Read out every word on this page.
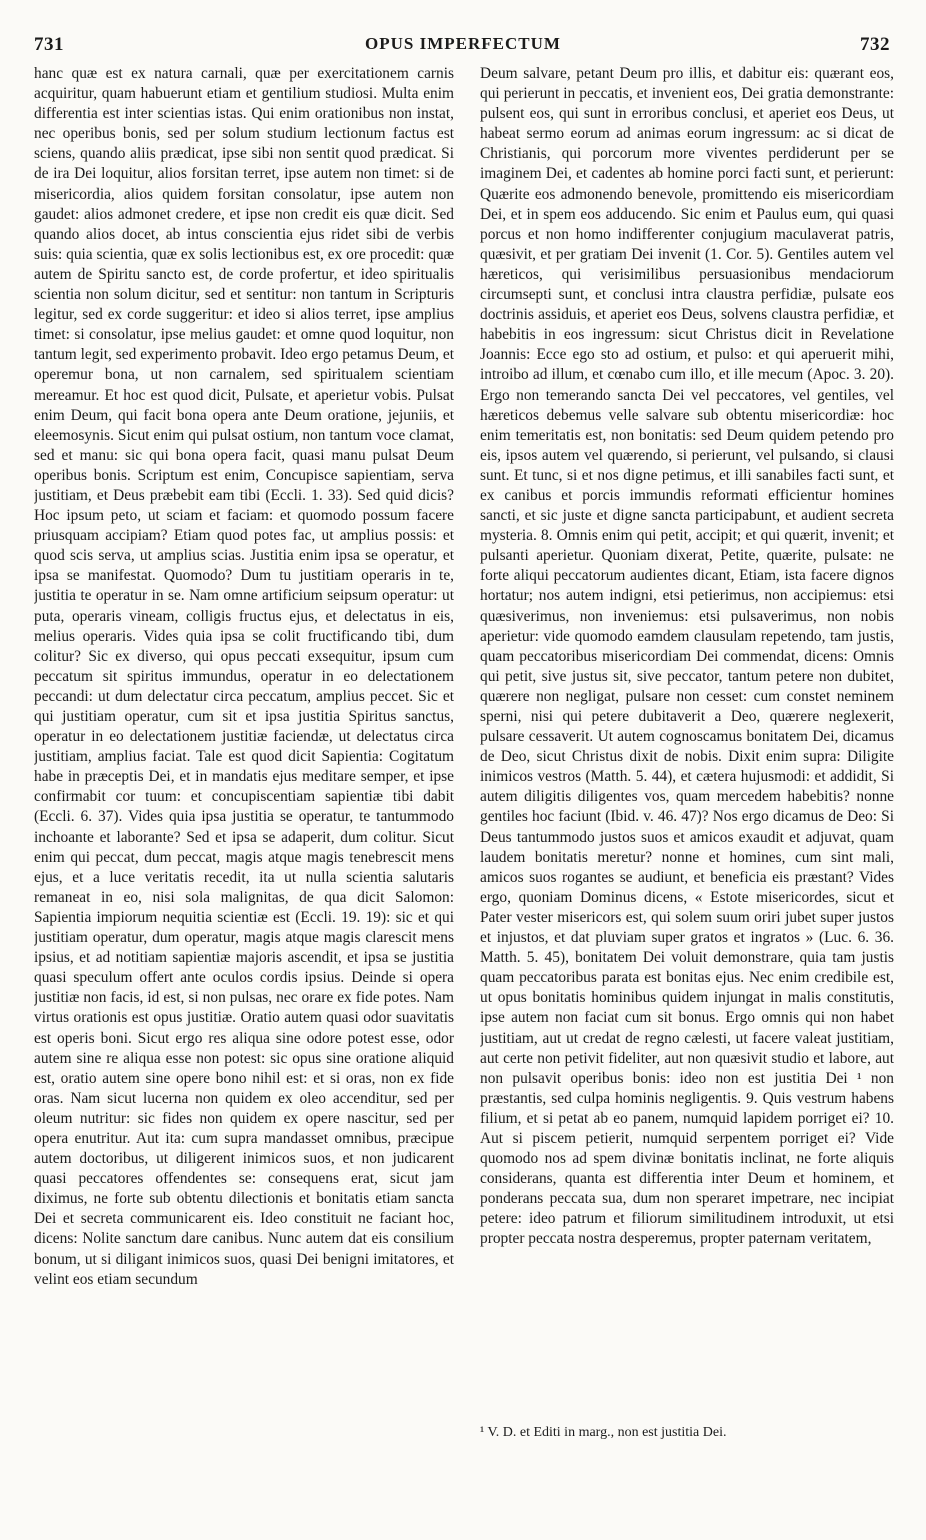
731	OPUS IMPERFECTUM	732

hanc quæ est ex natura carnali, quæ per exercitationem carnis acquiritur, quam habuerunt etiam et gentilium studiosi. Multa enim differentia est inter scientias istas. Qui enim orationibus non instat, nec operibus bonis, sed per solum studium lectionum factus est sciens, quando aliis prædicat, ipse sibi non sentit quod prædicat. Si de ira Dei loquitur, alios forsitan terret, ipse autem non timet: si de misericordia, alios quidem forsitan consolatur, ipse autem non gaudet: alios admonet credere, et ipse non credit eis quæ dicit. Sed quando alios docet, ab intus conscientia ejus ridet sibi de verbis suis: quia scientia, quæ ex solis lectionibus est, ex ore procedit: quæ autem de Spiritu sancto est, de corde profertur, et ideo spiritualis scientia non solum dicitur, sed et sentitur: non tantum in Scripturis legitur, sed ex corde suggeritur: et ideo si alios terret, ipse amplius timet: si consolatur, ipse melius gaudet: et omne quod loquitur, non tantum legit, sed experimento probavit. Ideo ergo petamus Deum, et operemur bona, ut non carnalem, sed spiritualem scientiam mereamur. Et hoc est quod dicit, Pulsate, et aperietur vobis. Pulsat enim Deum, qui facit bona opera ante Deum oratione, jejuniis, et eleemosynis. Sicut enim qui pulsat ostium, non tantum voce clamat, sed et manu: sic qui bona opera facit, quasi manu pulsat Deum operibus bonis. Scriptum est enim, Concupisce sapientiam, serva justitiam, et Deus præbebit eam tibi (Eccli. 1. 33). Sed quid dicis? Hoc ipsum peto, ut sciam et faciam: et quomodo possum facere priusquam accipiam? Etiam quod potes fac, ut amplius possis: et quod scis serva, ut amplius scias. Justitia enim ipsa se operatur, et ipsa se manifestat. Quomodo? Dum tu justitiam operaris in te, justitia te operatur in se. Nam omne artificium seipsum operatur: ut puta, operaris vineam, colligis fructus ejus, et delectatus in eis, melius operaris. Vides quia ipsa se colit fructificando tibi, dum colitur? Sic ex diverso, qui opus peccati exsequitur, ipsum cum peccatum sit spiritus immundus, operatur in eo delectationem peccandi: ut dum delectatur circa peccatum, amplius peccet. Sic et qui justitiam operatur, cum sit et ipsa justitia Spiritus sanctus, operatur in eo delectationem justitiæ faciendæ, ut delectatus circa justitiam, amplius faciat. Tale est quod dicit Sapientia: Cogitatum habe in præceptis Dei, et in mandatis ejus meditare semper, et ipse confirmabit cor tuum: et concupiscentiam sapientiæ tibi dabit (Eccli. 6. 37). Vides quia ipsa justitia se operatur, te tantummodo inchoante et laborante? Sed et ipsa se adaperit, dum colitur. Sicut enim qui peccat, dum peccat, magis atque magis tenebrescit mens ejus, et a luce veritatis recedit, ita ut nulla scientia salutaris remaneat in eo, nisi sola malignitas, de qua dicit Salomon: Sapientia impiorum nequitia scientiæ est (Eccli. 19. 19): sic et qui justitiam operatur, dum operatur, magis atque magis clarescit mens ipsius, et ad notitiam sapientiæ majoris ascendit, et ipsa se justitia quasi speculum offert ante oculos cordis ipsius. Deinde si opera justitiæ non facis, id est, si non pulsas, nec orare ex fide potes. Nam virtus orationis est opus justitiæ. Oratio autem quasi odor suavitatis est operis boni. Sicut ergo res aliqua sine odore potest esse, odor autem sine re aliqua esse non potest: sic opus sine oratione aliquid est, oratio autem sine opere bono nihil est: et si oras, non ex fide oras. Nam sicut lucerna non quidem ex oleo accenditur, sed per oleum nutritur: sic fides non quidem ex opere nascitur, sed per opera enutritur. Aut ita: cum supra mandasset omnibus, præcipue autem doctoribus, ut diligerent inimicos suos, et non judicarent quasi peccatores offendentes se: consequens erat, sicut jam diximus, ne forte sub obtentu dilectionis et bonitatis etiam sancta Dei et secreta communicarent eis. Ideo constituit ne faciant hoc, dicens: Nolite sanctum dare canibus. Nunc autem dat eis consilium bonum, ut si diligant inimicos suos, quasi Dei benigni imitatores, et velint eos etiam secundum

Deum salvare, petant Deum pro illis, et dabitur eis: quærant eos, qui perierunt in peccatis, et invenient eos, Dei gratia demonstrante: pulsent eos, qui sunt in erroribus conclusi, et aperiet eos Deus, ut habeat sermo eorum ad animas eorum ingressum: ac si dicat de Christianis, qui porcorum more viventes perdiderunt per se imaginem Dei, et cadentes ab homine porci facti sunt, et perierunt: Quærite eos admonendo benevole, promittendo eis misericordiam Dei, et in spem eos adducendo. Sic enim et Paulus eum, qui quasi porcus et non homo indifferenter conjugium maculaverat patris, quæsivit, et per gratiam Dei invenit (1. Cor. 5). Gentiles autem vel hæreticos, qui verisimilibus persuasionibus mendaciorum circumsepti sunt, et conclusi intra claustra perfidiæ, pulsate eos doctrinis assiduis, et aperiet eos Deus, solvens claustra perfidiæ, et habebitis in eos ingressum: sicut Christus dicit in Revelatione Joannis: Ecce ego sto ad ostium, et pulso: et qui aperuerit mihi, introibo ad illum, et cœnabo cum illo, et ille mecum (Apoc. 3. 20). Ergo non temerando sancta Dei vel peccatores, vel gentiles, vel hæreticos debemus velle salvare sub obtentu misericordiæ: hoc enim temeritatis est, non bonitatis: sed Deum quidem petendo pro eis, ipsos autem vel quærendo, si perierunt, vel pulsando, si clausi sunt. Et tunc, si et nos digne petimus, et illi sanabiles facti sunt, et ex canibus et porcis immundis reformati efficientur homines sancti, et sic juste et digne sancta participabunt, et audient secreta mysteria. 8. Omnis enim qui petit, accipit; et qui quærit, invenit; et pulsanti aperietur. Quoniam dixerat, Petite, quærite, pulsate: ne forte aliqui peccatorum audientes dicant, Etiam, ista facere dignos hortatur; nos autem indigni, etsi petierimus, non accipiemus: etsi quæsiverimus, non inveniemus: etsi pulsaverimus, non nobis aperietur: vide quomodo eamdem clausulam repetendo, tam justis, quam peccatoribus misericordiam Dei commendat, dicens: Omnis qui petit, sive justus sit, sive peccator, tantum petere non dubitet, quærere non negligat, pulsare non cesset: cum constet neminem sperni, nisi qui petere dubitaverit a Deo, quærere neglexerit, pulsare cessaverit. Ut autem cognoscamus bonitatem Dei, dicamus de Deo, sicut Christus dixit de nobis. Dixit enim supra: Diligite inimicos vestros (Matth. 5. 44), et cætera hujusmodi: et addidit, Si autem diligitis diligentes vos, quam mercedem habebitis? nonne gentiles hoc faciunt (Ibid. v. 46. 47)? Nos ergo dicamus de Deo: Si Deus tantummodo justos suos et amicos exaudit et adjuvat, quam laudem bonitatis meretur? nonne et homines, cum sint mali, amicos suos rogantes se audiunt, et beneficia eis præstant? Vides ergo, quoniam Dominus dicens, « Estote misericordes, sicut et Pater vester misericors est, qui solem suum oriri jubet super justos et injustos, et dat pluviam super gratos et ingratos » (Luc. 6. 36. Matth. 5. 45), bonitatem Dei voluit demonstrare, quia tam justis quam peccatoribus parata est bonitas ejus. Nec enim credibile est, ut opus bonitatis hominibus quidem injungat in malis constitutis, ipse autem non faciat cum sit bonus. Ergo omnis qui non habet justitiam, aut ut credat de regno cælesti, ut facere valeat justitiam, aut certe non petivit fideliter, aut non quæsivit studio et labore, aut non pulsavit operibus bonis: ideo non est justitia Dei ¹ non præstantis, sed culpa hominis negligentis. 9. Quis vestrum habens filium, et si petat ab eo panem, numquid lapidem porriget ei? 10. Aut si piscem petierit, numquid serpentem porriget ei? Vide quomodo nos ad spem divinæ bonitatis inclinat, ne forte aliquis considerans, quanta est differentia inter Deum et hominem, et ponderans peccata sua, dum non speraret impetrare, nec incipiat petere: ideo patrum et filiorum similitudinem introduxit, ut etsi propter peccata nostra desperemus, propter paternam veritatem,

¹ V. D. et Editi in marg., non est justitia Dei.
